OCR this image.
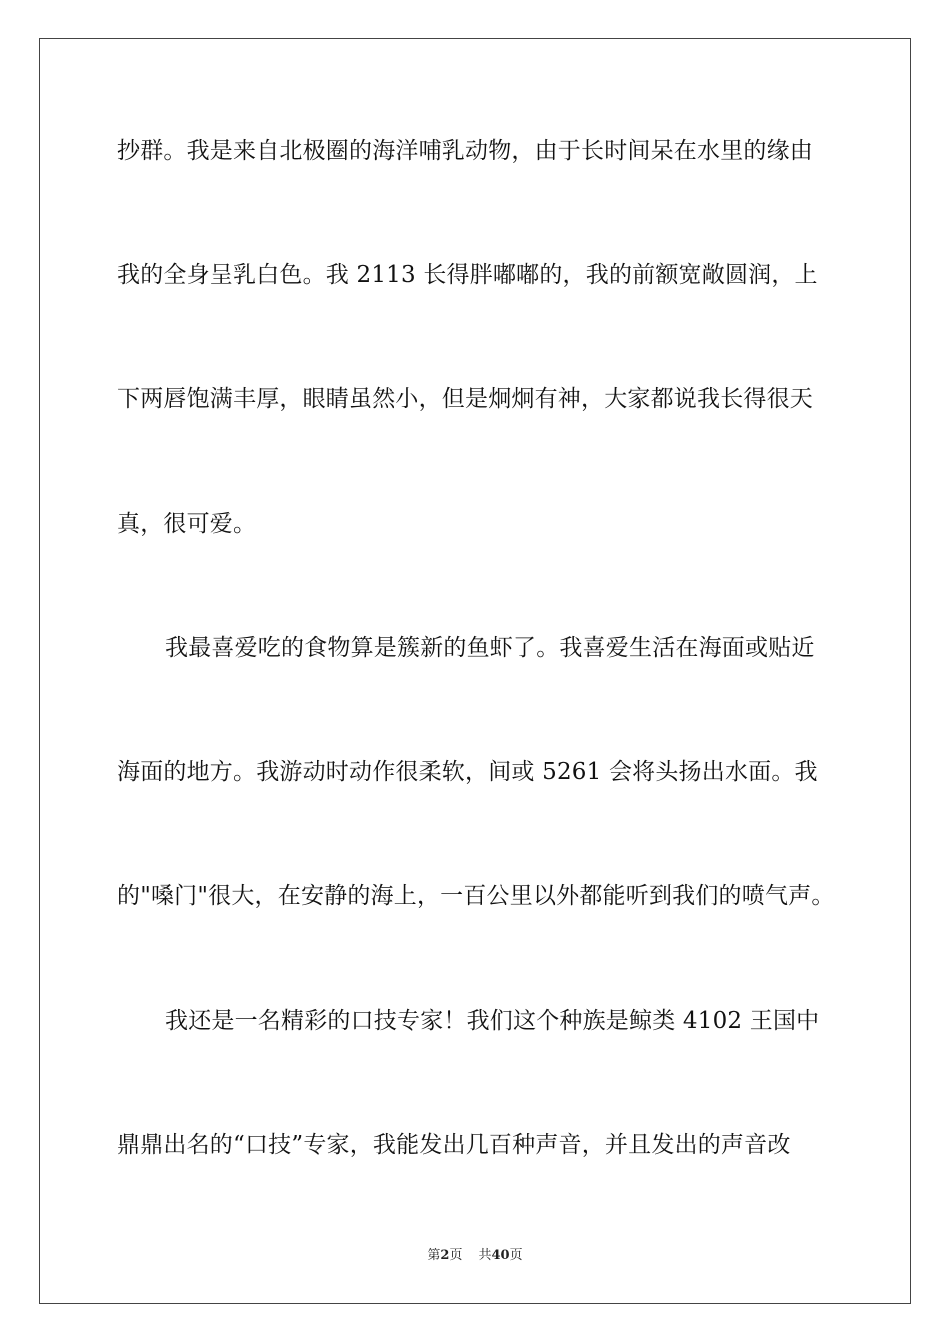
抄群。我是来自北极圈的海洋哺乳动物，由于长时间呆在水里的缘由
我的全身呈乳白色。我 2113 长得胖嘟嘟的，我的前额宽敞圆润，上
下两唇饱满丰厚，眼睛虽然小，但是炯炯有神，大家都说我长得很天
真，很可爱。
我最喜爱吃的食物算是簇新的鱼虾了。我喜爱生活在海面或贴近
海面的地方。我游动时动作很柔软，间或 5261 会将头扬出水面。我
的"嗓门"很大，在安静的海上，一百公里以外都能听到我们的喷气声。
我还是一名精彩的口技专家！我们这个种族是鲸类 4102 王国中
鼎鼎出名的“口技”专家，我能发出几百种声音，并且发出的声音改
第2页 共40页
